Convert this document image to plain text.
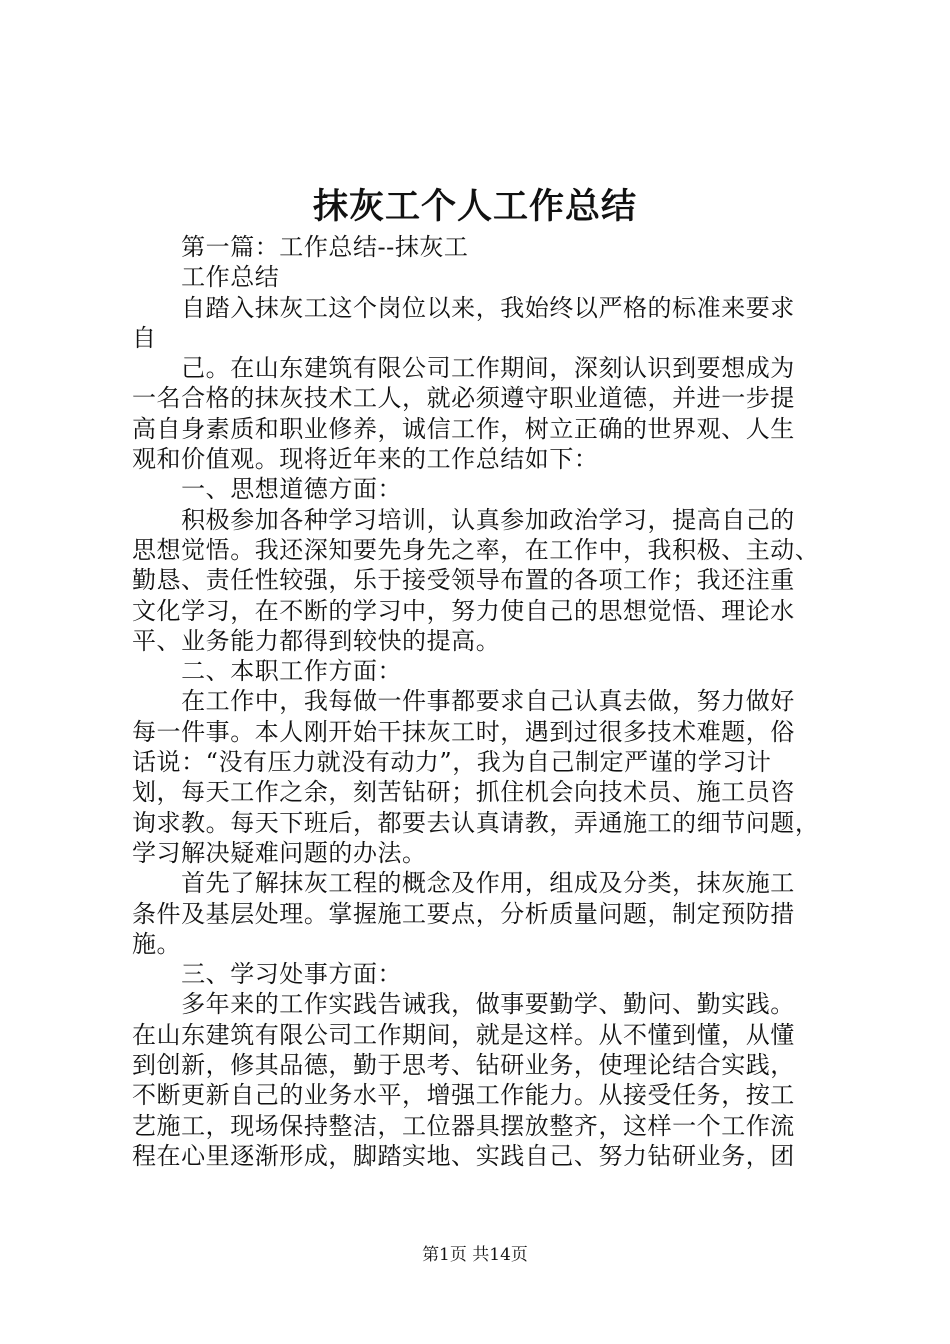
抹灰工个人工作总结

　　第一篇：工作总结--抹灰工

　　工作总结

　　自踏入抹灰工这个岗位以来，我始终以严格的标准来要求

自

　　己。在山东建筑有限公司工作期间，深刻认识到要想成为

一名合格的抹灰技术工人，就必须遵守职业道德，并进一步提

高自身素质和职业修养，诚信工作，树立正确的世界观、人生

观和价值观。现将近年来的工作总结如下：

　　一、思想道德方面：

　　积极参加各种学习培训，认真参加政治学习，提高自己的

思想觉悟。我还深知要先身先之率，在工作中，我积极、主动、

勤恳、责任性较强，乐于接受领导布置的各项工作；我还注重

文化学习，在不断的学习中，努力使自己的思想觉悟、理论水

平、业务能力都得到较快的提高。

　　二、本职工作方面：

　　在工作中，我每做一件事都要求自己认真去做，努力做好

每一件事。本人刚开始干抹灰工时，遇到过很多技术难题，俗

话说：“没有压力就没有动力”，我为自己制定严谨的学习计

划，每天工作之余，刻苦钻研；抓住机会向技术员、施工员咨

询求教。每天下班后，都要去认真请教，弄通施工的细节问题，

学习解决疑难问题的办法。

　　首先了解抹灰工程的概念及作用，组成及分类，抹灰施工

条件及基层处理。掌握施工要点，分析质量问题，制定预防措

施。

　　三、学习处事方面：

　　多年来的工作实践告诫我，做事要勤学、勤问、勤实践。

在山东建筑有限公司工作期间，就是这样。从不懂到懂，从懂

到创新，修其品德，勤于思考、钻研业务，使理论结合实践，

不断更新自己的业务水平，增强工作能力。从接受任务，按工

艺施工，现场保持整洁，工位器具摆放整齐，这样一个工作流

程在心里逐渐形成，脚踏实地、实践自己、努力钻研业务，团

第1页 共14页
